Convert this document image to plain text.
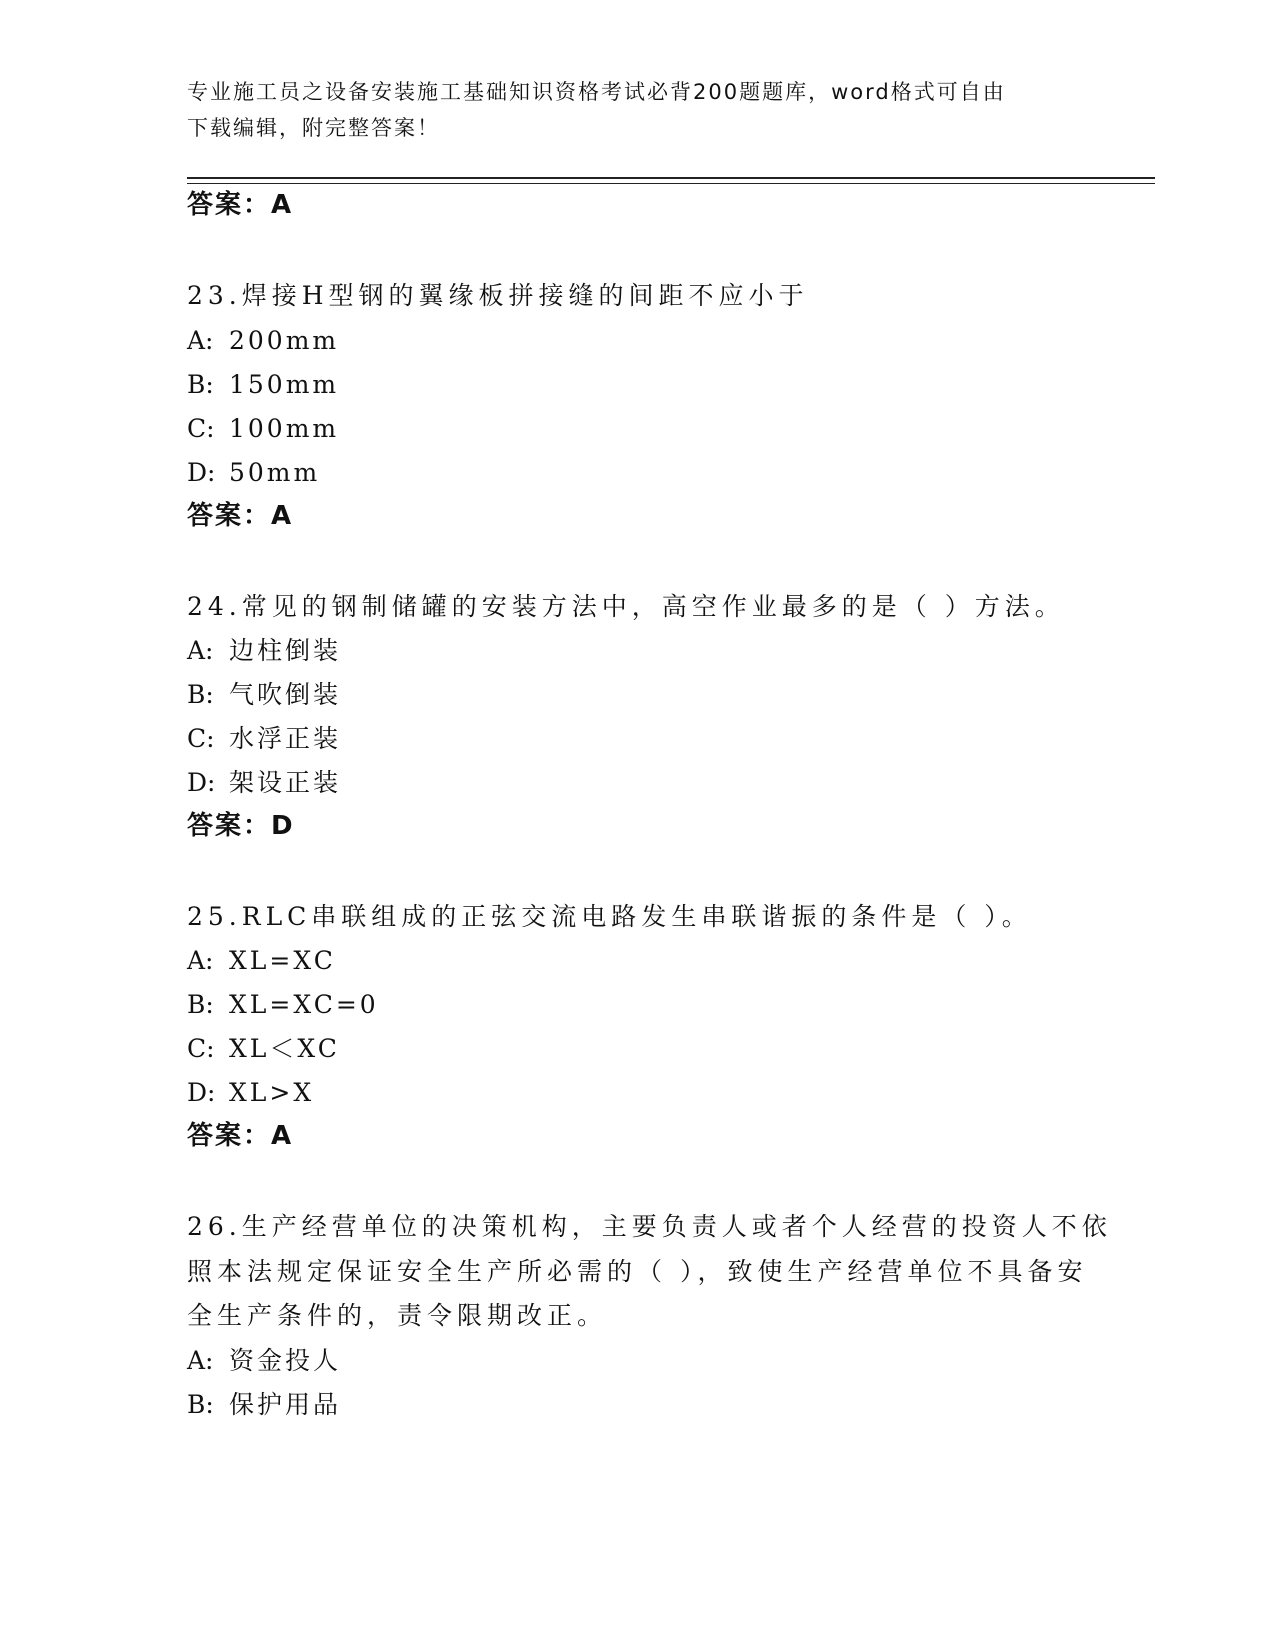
专业施工员之设备安装施工基础知识资格考试必背200题题库，word格式可自由
下载编辑，附完整答案！
答案：A
23.焊接H型钢的翼缘板拼接缝的间距不应小于
A: 200mm
B: 150mm
C: 100mm
D: 50mm
答案：A
24.常见的钢制储罐的安装方法中，高空作业最多的是（ ）方法。
A: 边柱倒装
B: 气吹倒装
C: 水浮正装
D: 架设正装
答案：D
25.RLC串联组成的正弦交流电路发生串联谐振的条件是（ ）。
A: XL=XC
B: XL=XC=0
C: XL＜XC
D: XL>X
答案：A
26.生产经营单位的决策机构，主要负责人或者个人经营的投资人不依
照本法规定保证安全生产所必需的（ ），致使生产经营单位不具备安
全生产条件的，责令限期改正。
A: 资金投人
B: 保护用品
